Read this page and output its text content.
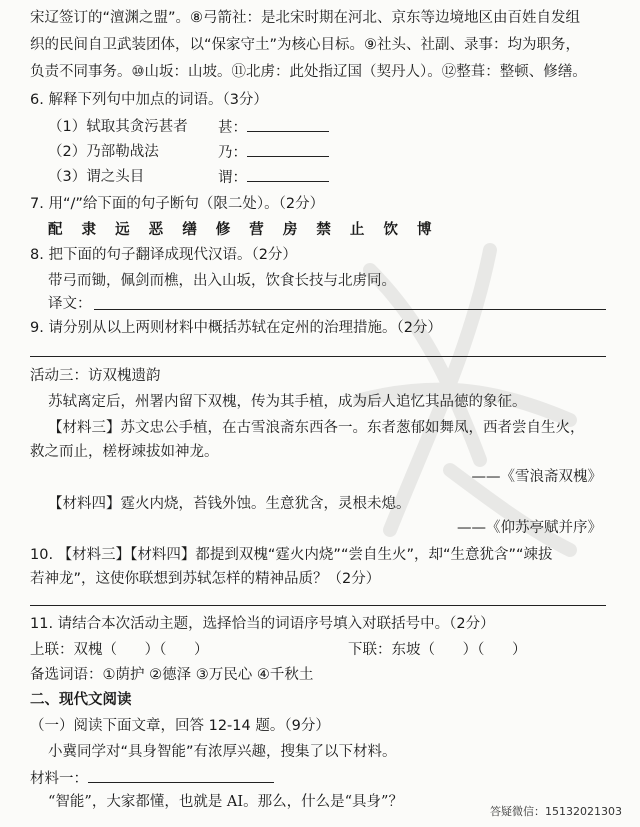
宋辽签订的“澶渊之盟”。⑧弓箭社：是北宋时期在河北、京东等边境地区由百姓自发组
织的民间自卫武装团体，以“保家守土”为核心目标。⑨社头、社副、录事：均为职务，
负责不同事务。⑩山坂：山坡。⑪北虏：此处指辽国（契丹人）。⑫整葺：整顿、修缮。
6. 解释下列句中加点的词语。（3分）
（1）轼取其贪污甚者 甚：
（2）乃部勒战法	乃：
（3）谓之头目	谓：
7. 用“/”给下面的句子断句（限二处）。（2分）
配 隶 远 恶 缮 修 营 房 禁 止 饮 博
8. 把下面的句子翻译成现代汉语。（2分）
带弓而锄，佩剑而樵，出入山坂，饮食长技与北虏同。
译文：
9. 请分别从以上两则材料中概括苏轼在定州的治理措施。（2分）
活动三：访双槐遗韵
苏轼离定后，州署内留下双槐，传为其手植，成为后人追忆其品德的象征。
【材料三】苏文忠公手植，在古雪浪斋东西各一。东者葱郁如舞凤，西者尝自生火，
救之而止，槎枒竦拔如神龙。
——《雪浪斋双槐》
【材料四】霆火内烧，苔钱外蚀。生意犹含，灵根未熄。
——《仰苏亭赋并序》
10. 【材料三】【材料四】都提到双槐“霆火内烧”“尝自生火”，却“生意犹含”“竦拔
若神龙”，这使你联想到苏轼怎样的精神品质？（2分）
11. 请结合本次活动主题，选择恰当的词语序号填入对联括号中。（2分）
上联：双槐（      ）（      ）	下联：东坡（      ）（      ）
备选词语：①荫护 ②德泽 ③万民心 ④千秋土
二、现代文阅读
（一）阅读下面文章，回答 12-14 题。（9分）
小冀同学对“具身智能”有浓厚兴趣，搜集了以下材料。
材料一：
“智能”，大家都懂，也就是 AI。那么，什么是“具身”？
答疑微信：15132021303
